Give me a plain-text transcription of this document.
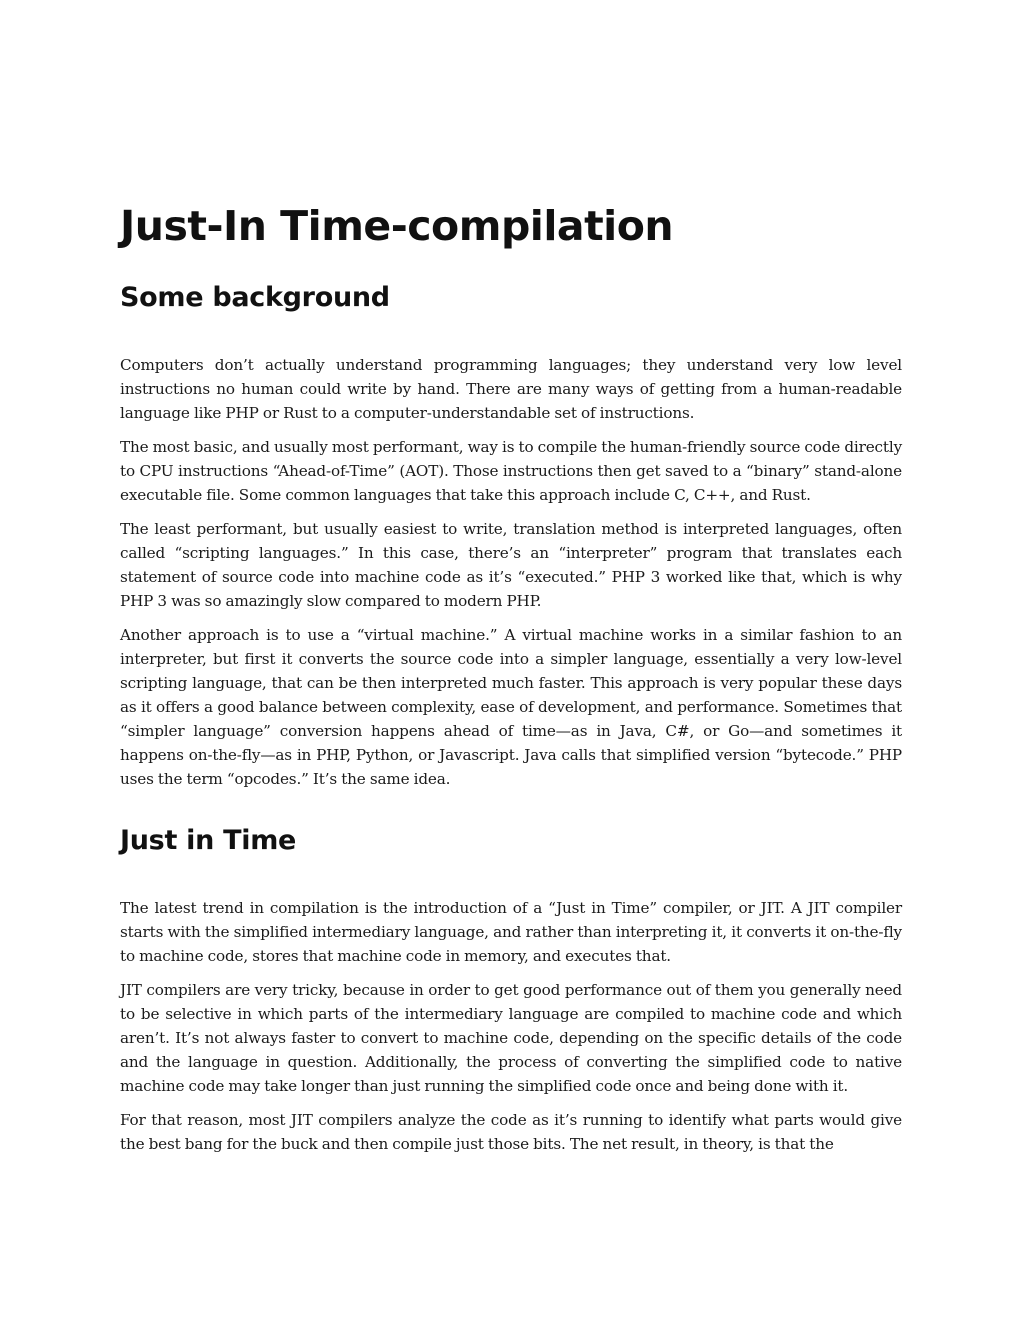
Just-In Time-compilation
Some background

Computers don’t actually understand programming languages; they understand very low level instructions no human could write by hand. There are many ways of getting from a human-readable language like PHP or Rust to a computer-understandable set of instructions.

The most basic, and usually most performant, way is to compile the human-friendly source code directly to CPU instructions “Ahead-of-Time” (AOT). Those instructions then get saved to a “binary” stand-alone executable file. Some common languages that take this approach include C, C++, and Rust.

The least performant, but usually easiest to write, translation method is interpreted languages, often called “scripting languages.” In this case, there’s an “interpreter” program that translates each statement of source code into machine code as it’s “executed.” PHP 3 worked like that, which is why PHP 3 was so amazingly slow compared to modern PHP.

Another approach is to use a “virtual machine.” A virtual machine works in a similar fashion to an interpreter, but first it converts the source code into a simpler language, essentially a very low-level scripting language, that can be then interpreted much faster. This approach is very popular these days as it offers a good balance between complexity, ease of development, and performance. Sometimes that “simpler language” conversion happens ahead of time—as in Java, C#, or Go—and sometimes it happens on-the-fly—as in PHP, Python, or Javascript. Java calls that simplified version “bytecode.” PHP uses the term “opcodes.” It’s the same idea.

Just in Time

The latest trend in compilation is the introduction of a “Just in Time” compiler, or JIT. A JIT compiler starts with the simplified intermediary language, and rather than interpreting it, it converts it on-the-fly to machine code, stores that machine code in memory, and executes that.

JIT compilers are very tricky, because in order to get good performance out of them you generally need to be selective in which parts of the intermediary language are compiled to machine code and which aren’t. It’s not always faster to convert to machine code, depending on the specific details of the code and the language in question. Additionally, the process of converting the simplified code to native machine code may take longer than just running the simplified code once and being done with it.

For that reason, most JIT compilers analyze the code as it’s running to identify what parts would give the best bang for the buck and then compile just those bits. The net result, in theory, is that the
